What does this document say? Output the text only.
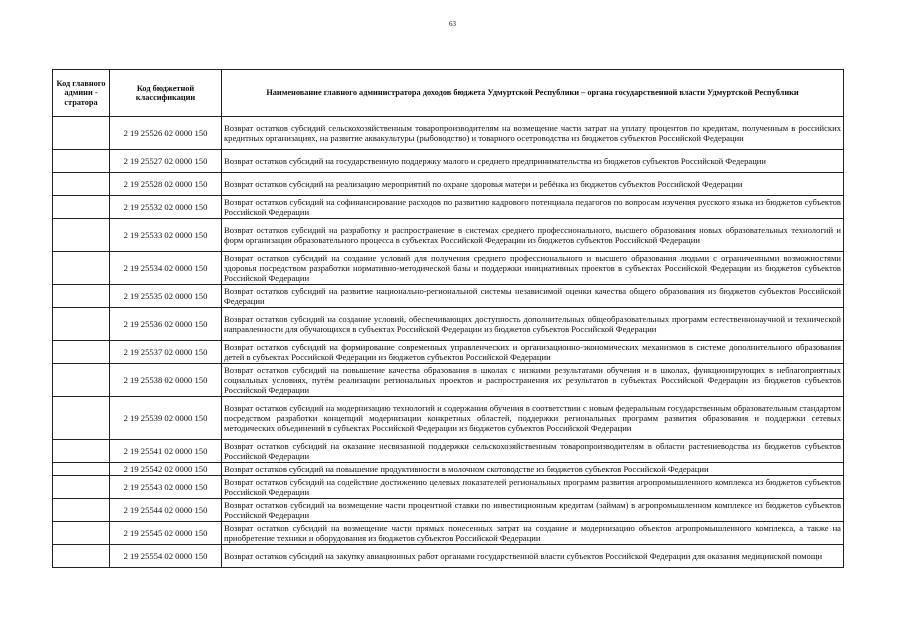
63
Код главного админи - стратора	Код бюджетной классификации	Наименование главного администратора доходов бюджета Удмуртской Республики – органа государственной власти Удмуртской Республики
	2 19 25526 02 0000 150	Возврат остатков субсидий сельскохозяйственным товаропроизводителям на возмещение части затрат на уплату процентов по кредитам, полученным в российских кредитных организациях, на развитие аквакультуры (рыбоводство) и товарного осетроводства из бюджетов субъектов Российской Федерации
	2 19 25527 02 0000 150	Возврат остатков субсидий на государственную поддержку малого и среднего предпринимательства из бюджетов субъектов Российской Федерации
	2 19 25528 02 0000 150	Возврат остатков субсидий на реализацию мероприятий по охране здоровья матери и ребёнка из бюджетов субъектов Российской Федерации
	2 19 25532 02 0000 150	Возврат остатков субсидий на софинансирование расходов по развитию кадрового потенциала педагогов по вопросам изучения русского языка из бюджетов субъектов Российской Федерации
	2 19 25533 02 0000 150	Возврат остатков субсидий на разработку и распространение в системах среднего профессионального, высшего образования новых образовательных технологий и форм организации образовательного процесса в субъектах Российской Федерации из бюджетов субъектов Российской Федерации
	2 19 25534 02 0000 150	Возврат остатков субсидий на создание условий для получения среднего профессионального и высшего образования людьми с ограниченными возможностями здоровья посредством разработки нормативно-методической базы и поддержки инициативных проектов в субъектах Российской Федерации из бюджетов субъектов Российской Федерации
	2 19 25535 02 0000 150	Возврат остатков субсидий на развитие национально-региональной системы независимой оценки качества общего образования из бюджетов субъектов Российской Федерации
	2 19 25536 02 0000 150	Возврат остатков субсидий на создание условий, обеспечивающих доступность дополнительных общеобразовательных программ естественнонаучной и технической направленности для обучающихся в субъектах Российской Федерации из бюджетов субъектов Российской Федерации
	2 19 25537 02 0000 150	Возврат остатков субсидий на формирование современных управленческих и организационно-экономических механизмов в системе дополнительного образования детей в субъектах Российской Федерации из бюджетов субъектов Российской Федерации
	2 19 25538 02 0000 150	Возврат остатков субсидий на повышение качества образования в школах с низкими результатами обучения и в школах, функционирующих в неблагоприятных социальных условиях, путём реализации региональных проектов и распространения их результатов в субъектах Российской Федерации из бюджетов субъектов Российской Федерации
	2 19 25539 02 0000 150	Возврат остатков субсидий на модернизацию технологий и содержания обучения в соответствии с новым федеральным государственным образовательным стандартом посредством разработки концепций модернизации конкретных областей, поддержки региональных программ развития образования и поддержки сетевых методических объединений в субъектах Российской Федерации из бюджетов субъектов Российской Федерации
	2 19 25541 02 0000 150	Возврат остатков субсидий на оказание несвязанной поддержки сельскохозяйственным товаропроизводителям в области растениеводства из бюджетов субъектов Российской Федерации
	2 19 25542 02 0000 150	Возврат остатков субсидий на повышение продуктивности в молочном скотоводстве из бюджетов субъектов Российской Федерации
	2 19 25543 02 0000 150	Возврат остатков субсидий на содействие достижению целевых показателей региональных программ развития агропромышленного комплекса из бюджетов субъектов Российской Федерации
	2 19 25544 02 0000 150	Возврат остатков субсидий на возмещение части процентной ставки по инвестиционным кредитам (займам) в агропромышленном комплексе из бюджетов субъектов Российской Федерации
	2 19 25545 02 0000 150	Возврат остатков субсидий на возмещение части прямых понесенных затрат на создание и модернизацию объектов агропромышленного комплекса, а также на приобретение техники и оборудования из бюджетов субъектов Российской Федерации
	2 19 25554 02 0000 150	Возврат остатков субсидий на закупку авиационных работ органами государственной власти субъектов Российской Федерации для оказания медицинской помощи
